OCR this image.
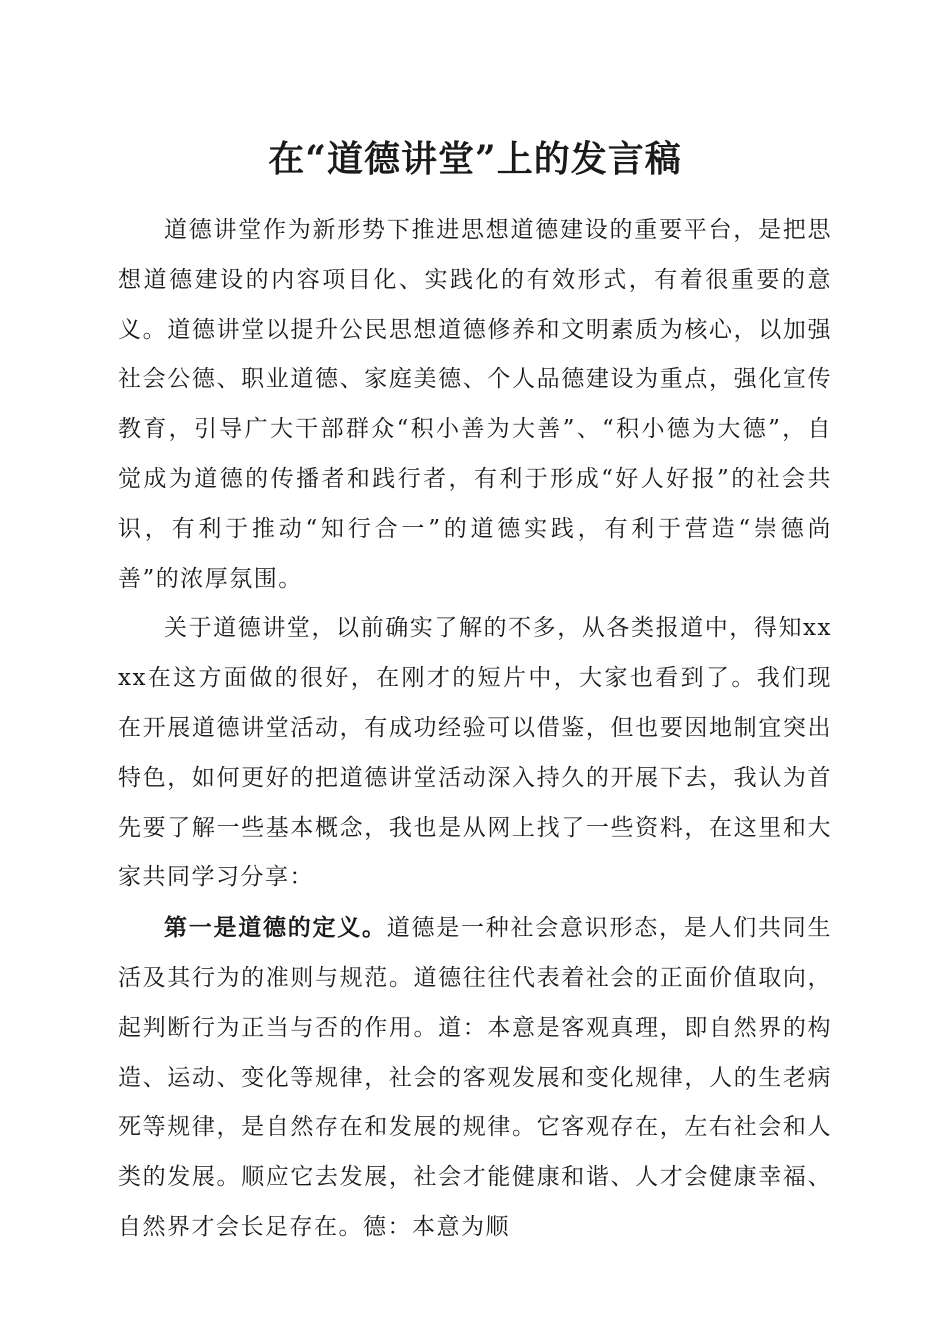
在“道德讲堂”上的发言稿

道德讲堂作为新形势下推进思想道德建设的重要平台，是把思想道德建设的内容项目化、实践化的有效形式，有着很重要的意义。道德讲堂以提升公民思想道德修养和文明素质为核心，以加强社会公德、职业道德、家庭美德、个人品德建设为重点，强化宣传教育，引导广大干部群众“积小善为大善”、“积小德为大德”，自觉成为道德的传播者和践行者，有利于形成“好人好报”的社会共识，有利于推动“知行合一”的道德实践，有利于营造“崇德尚善”的浓厚氛围。

关于道德讲堂，以前确实了解的不多，从各类报道中，得知xxxx在这方面做的很好，在刚才的短片中，大家也看到了。我们现在开展道德讲堂活动，有成功经验可以借鉴，但也要因地制宜突出特色，如何更好的把道德讲堂活动深入持久的开展下去，我认为首先要了解一些基本概念，我也是从网上找了一些资料，在这里和大家共同学习分享：

第一是道德的定义。道德是一种社会意识形态，是人们共同生活及其行为的准则与规范。道德往往代表着社会的正面价值取向，起判断行为正当与否的作用。道：本意是客观真理，即自然界的构造、运动、变化等规律，社会的客观发展和变化规律，人的生老病死等规律，是自然存在和发展的规律。它客观存在，左右社会和人类的发展。顺应它去发展，社会才能健康和谐、人才会健康幸福、自然界才会长足存在。德：本意为顺
